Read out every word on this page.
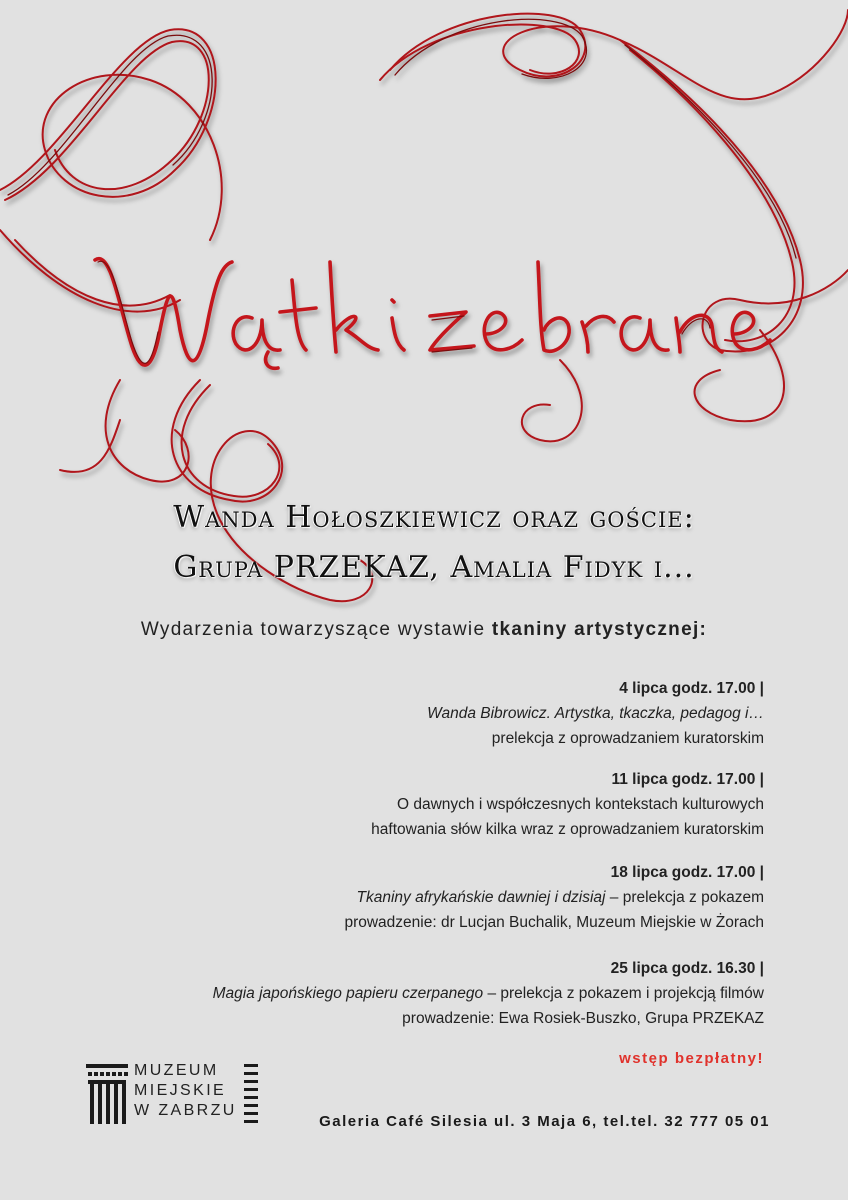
Wanda Hołoszkiewicz oraz goście:
Grupa PRZEKAZ, Amalia Fidyk i...
Wydarzenia towarzyszące wystawie tkaniny artystycznej:
4 lipca godz. 17.00 |
Wanda Bibrowicz. Artystka, tkaczka, pedagog i…
prelekcja z oprowadzaniem kuratorskim
11 lipca godz. 17.00 |
O dawnych i współczesnych kontekstach kulturowych
haftowania słów kilka wraz z oprowadzaniem kuratorskim
18 lipca godz. 17.00 |
Tkaniny afrykańskie dawniej i dzisiaj – prelekcja z pokazem
prowadzenie: dr Lucjan Buchalik, Muzeum Miejskie w Żorach
25 lipca godz. 16.30 |
Magia japońskiego papieru czerpanego – prelekcja z pokazem i projekcją filmów
prowadzenie: Ewa Rosiek-Buszko, Grupa PRZEKAZ
wstęp bezpłatny!
MUZEUM
MIEJSKIE
W ZABRZU
Galeria Café Silesia ul. 3 Maja 6, tel.tel. 32 777 05 01
